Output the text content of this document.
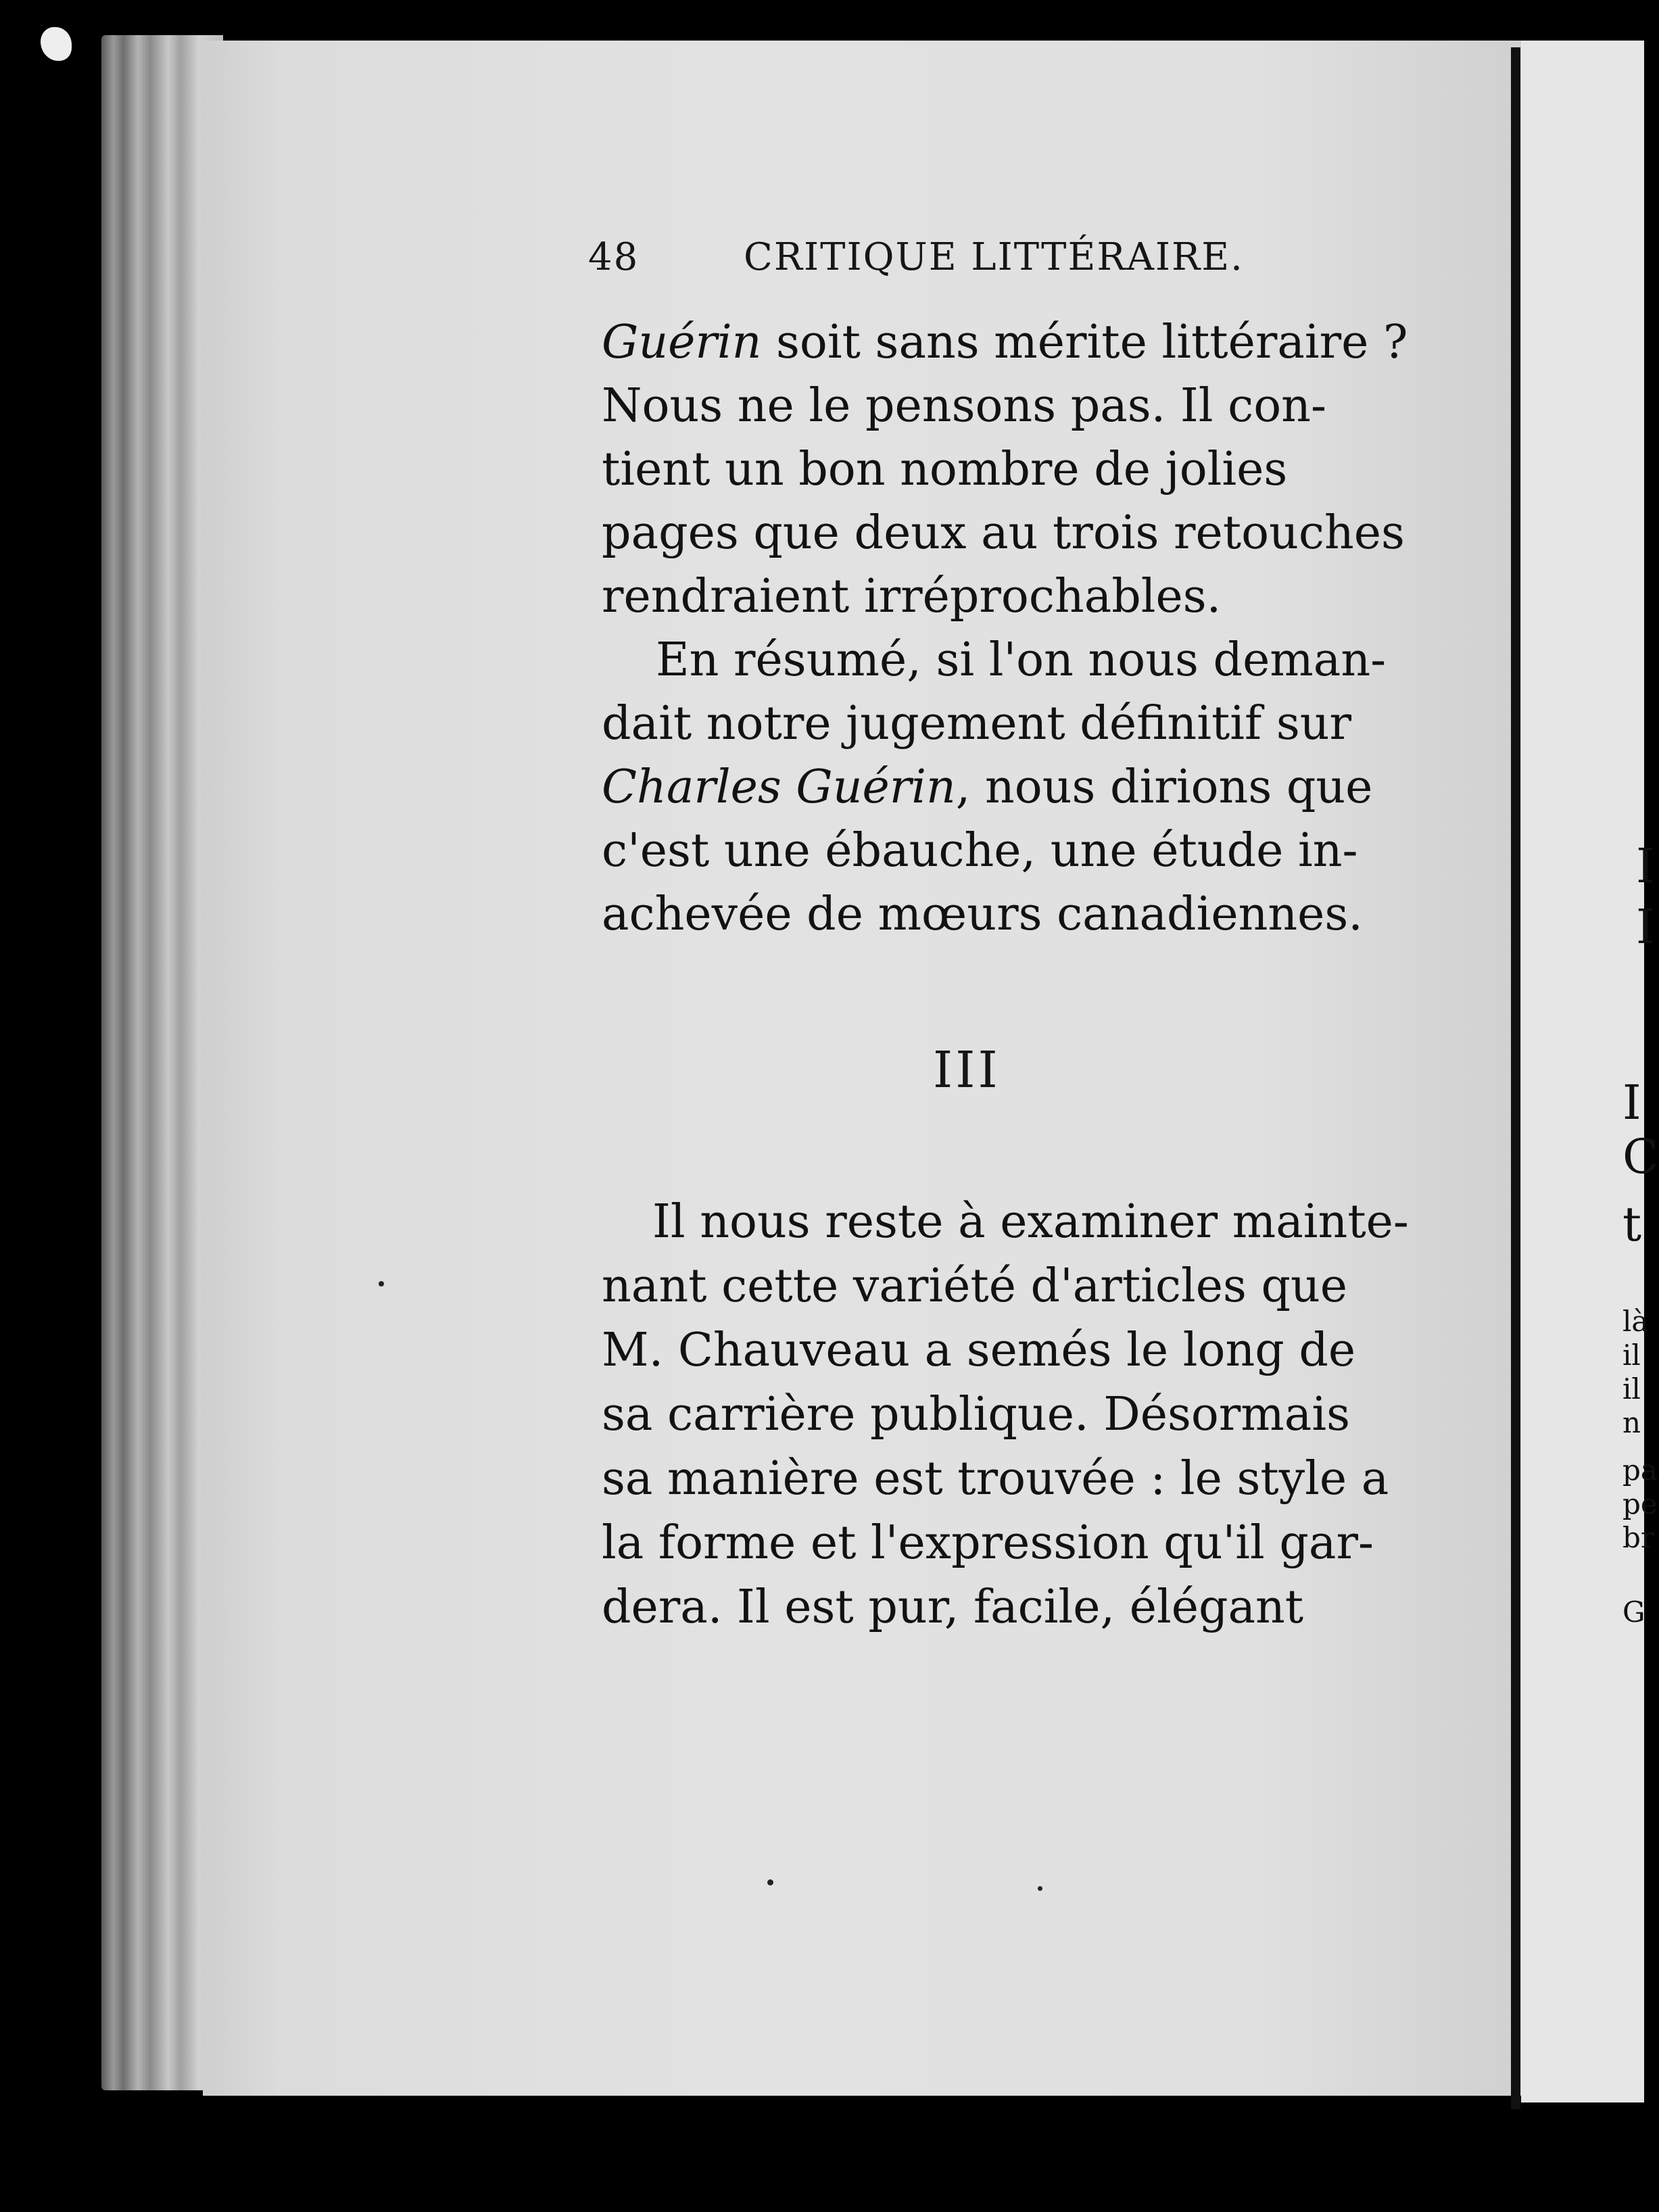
I
I
I
C
t
là
il
il
n
pa
pe
br
G
48	CRITIQUE LITTÉRAIRE.

Guérin soit sans mérite littéraire ?
Nous ne le pensons pas. Il con-
tient un bon nombre de jolies
pages que deux au trois retouches
rendraient irréprochables.

En résumé, si l'on nous deman-
dait notre jugement définitif sur
Charles Guérin, nous dirions que
c'est une ébauche, une étude in-
achevée de mœurs canadiennes.

III

Il nous reste à examiner mainte-
nant cette variété d'articles que
M. Chauveau a semés le long de
sa carrière publique. Désormais
sa manière est trouvée : le style a
la forme et l'expression qu'il gar-
dera. Il est pur, facile, élégant
